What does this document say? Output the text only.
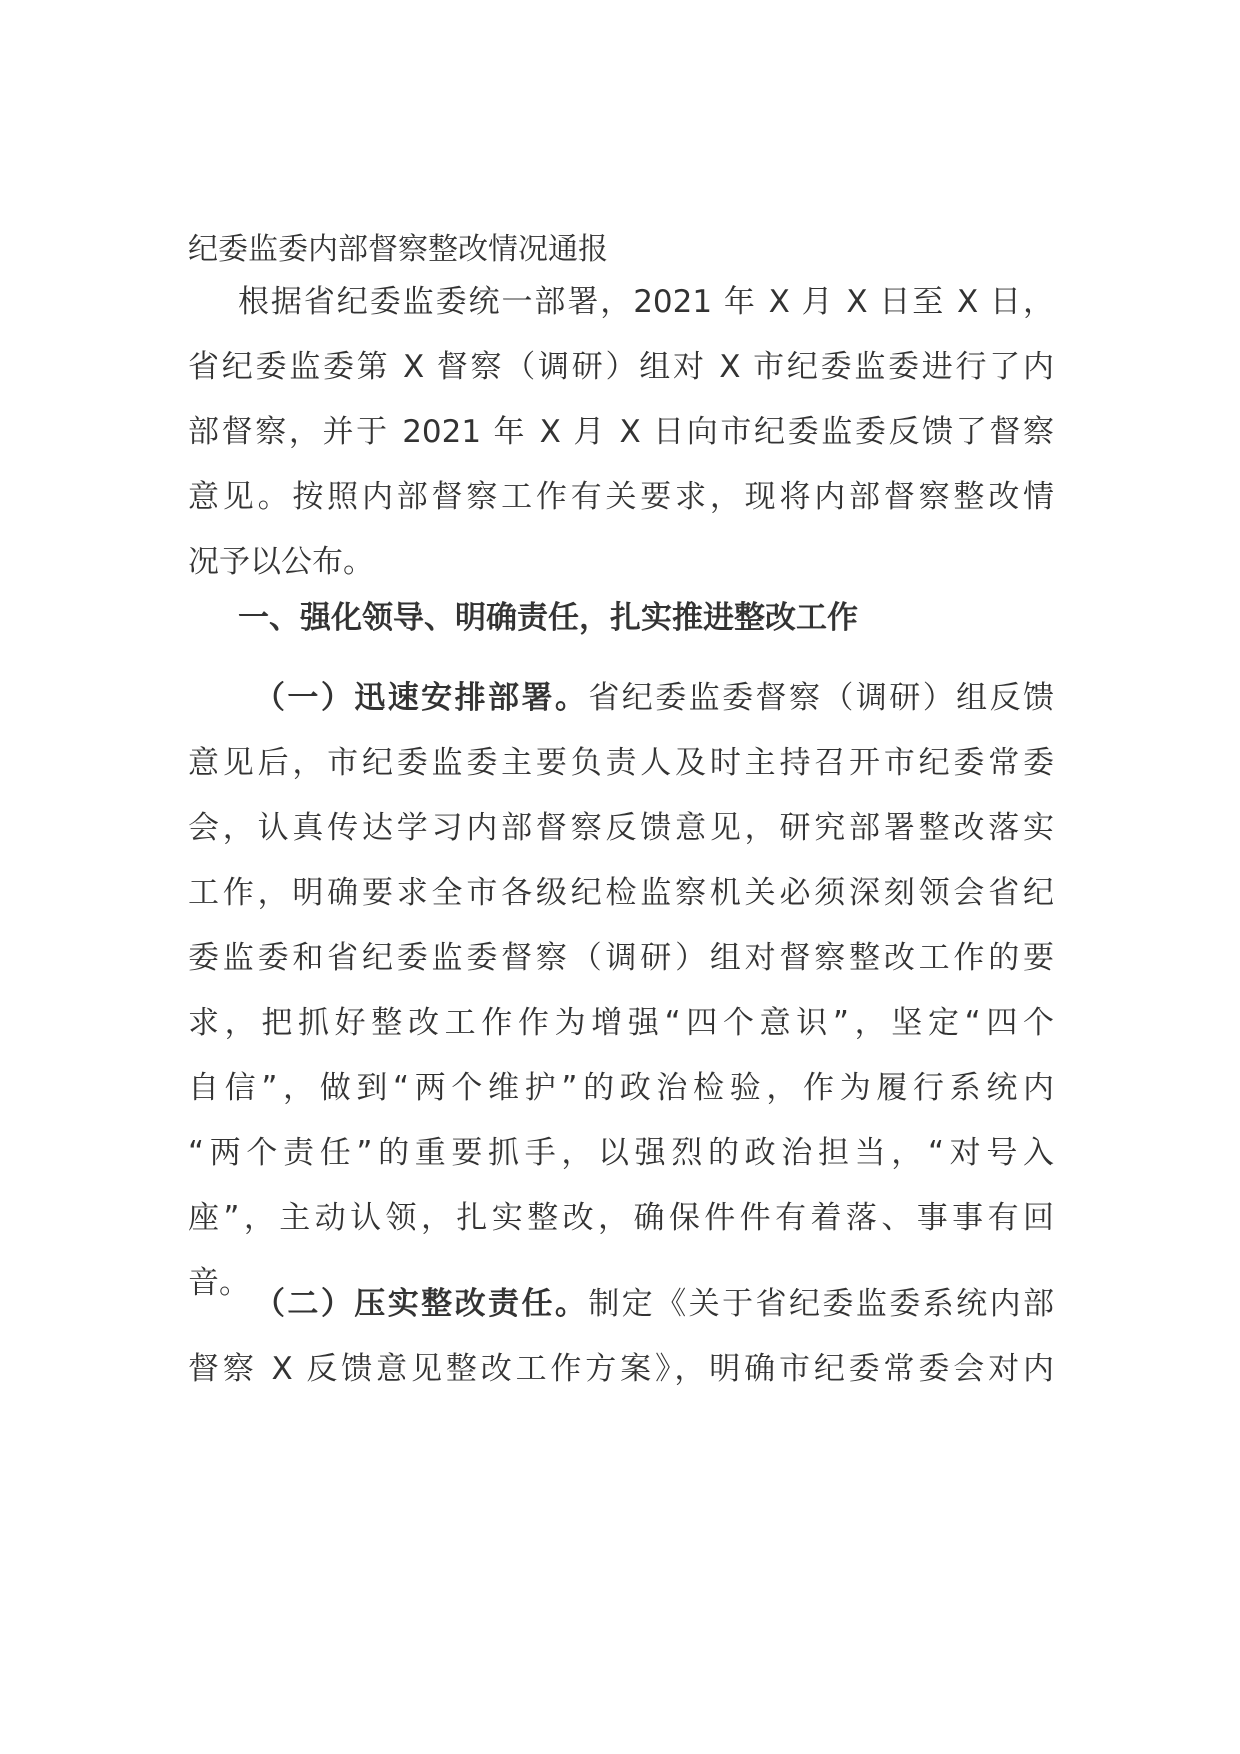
纪委监委内部督察整改情况通报
根据省纪委监委统一部署，2021 年 X 月 X 日至 X 日，
省纪委监委第 X 督察（调研）组对 X 市纪委监委进行了内
部督察，并于 2021 年 X 月 X 日向市纪委监委反馈了督察
意见。按照内部督察工作有关要求，现将内部督察整改情
况予以公布。
一、强化领导、明确责任，扎实推进整改工作
（一）迅速安排部署。省纪委监委督察（调研）组反馈
意见后，市纪委监委主要负责人及时主持召开市纪委常委
会，认真传达学习内部督察反馈意见，研究部署整改落实
工作，明确要求全市各级纪检监察机关必须深刻领会省纪
委监委和省纪委监委督察（调研）组对督察整改工作的要
求，把抓好整改工作作为增强“四个意识”，坚定“四个
自信”，做到“两个维护”的政治检验，作为履行系统内
“两个责任”的重要抓手，以强烈的政治担当，“对号入
座”，主动认领，扎实整改，确保件件有着落、事事有回
音。
（二）压实整改责任。制定《关于省纪委监委系统内部
督察 X 反馈意见整改工作方案》，明确市纪委常委会对内
